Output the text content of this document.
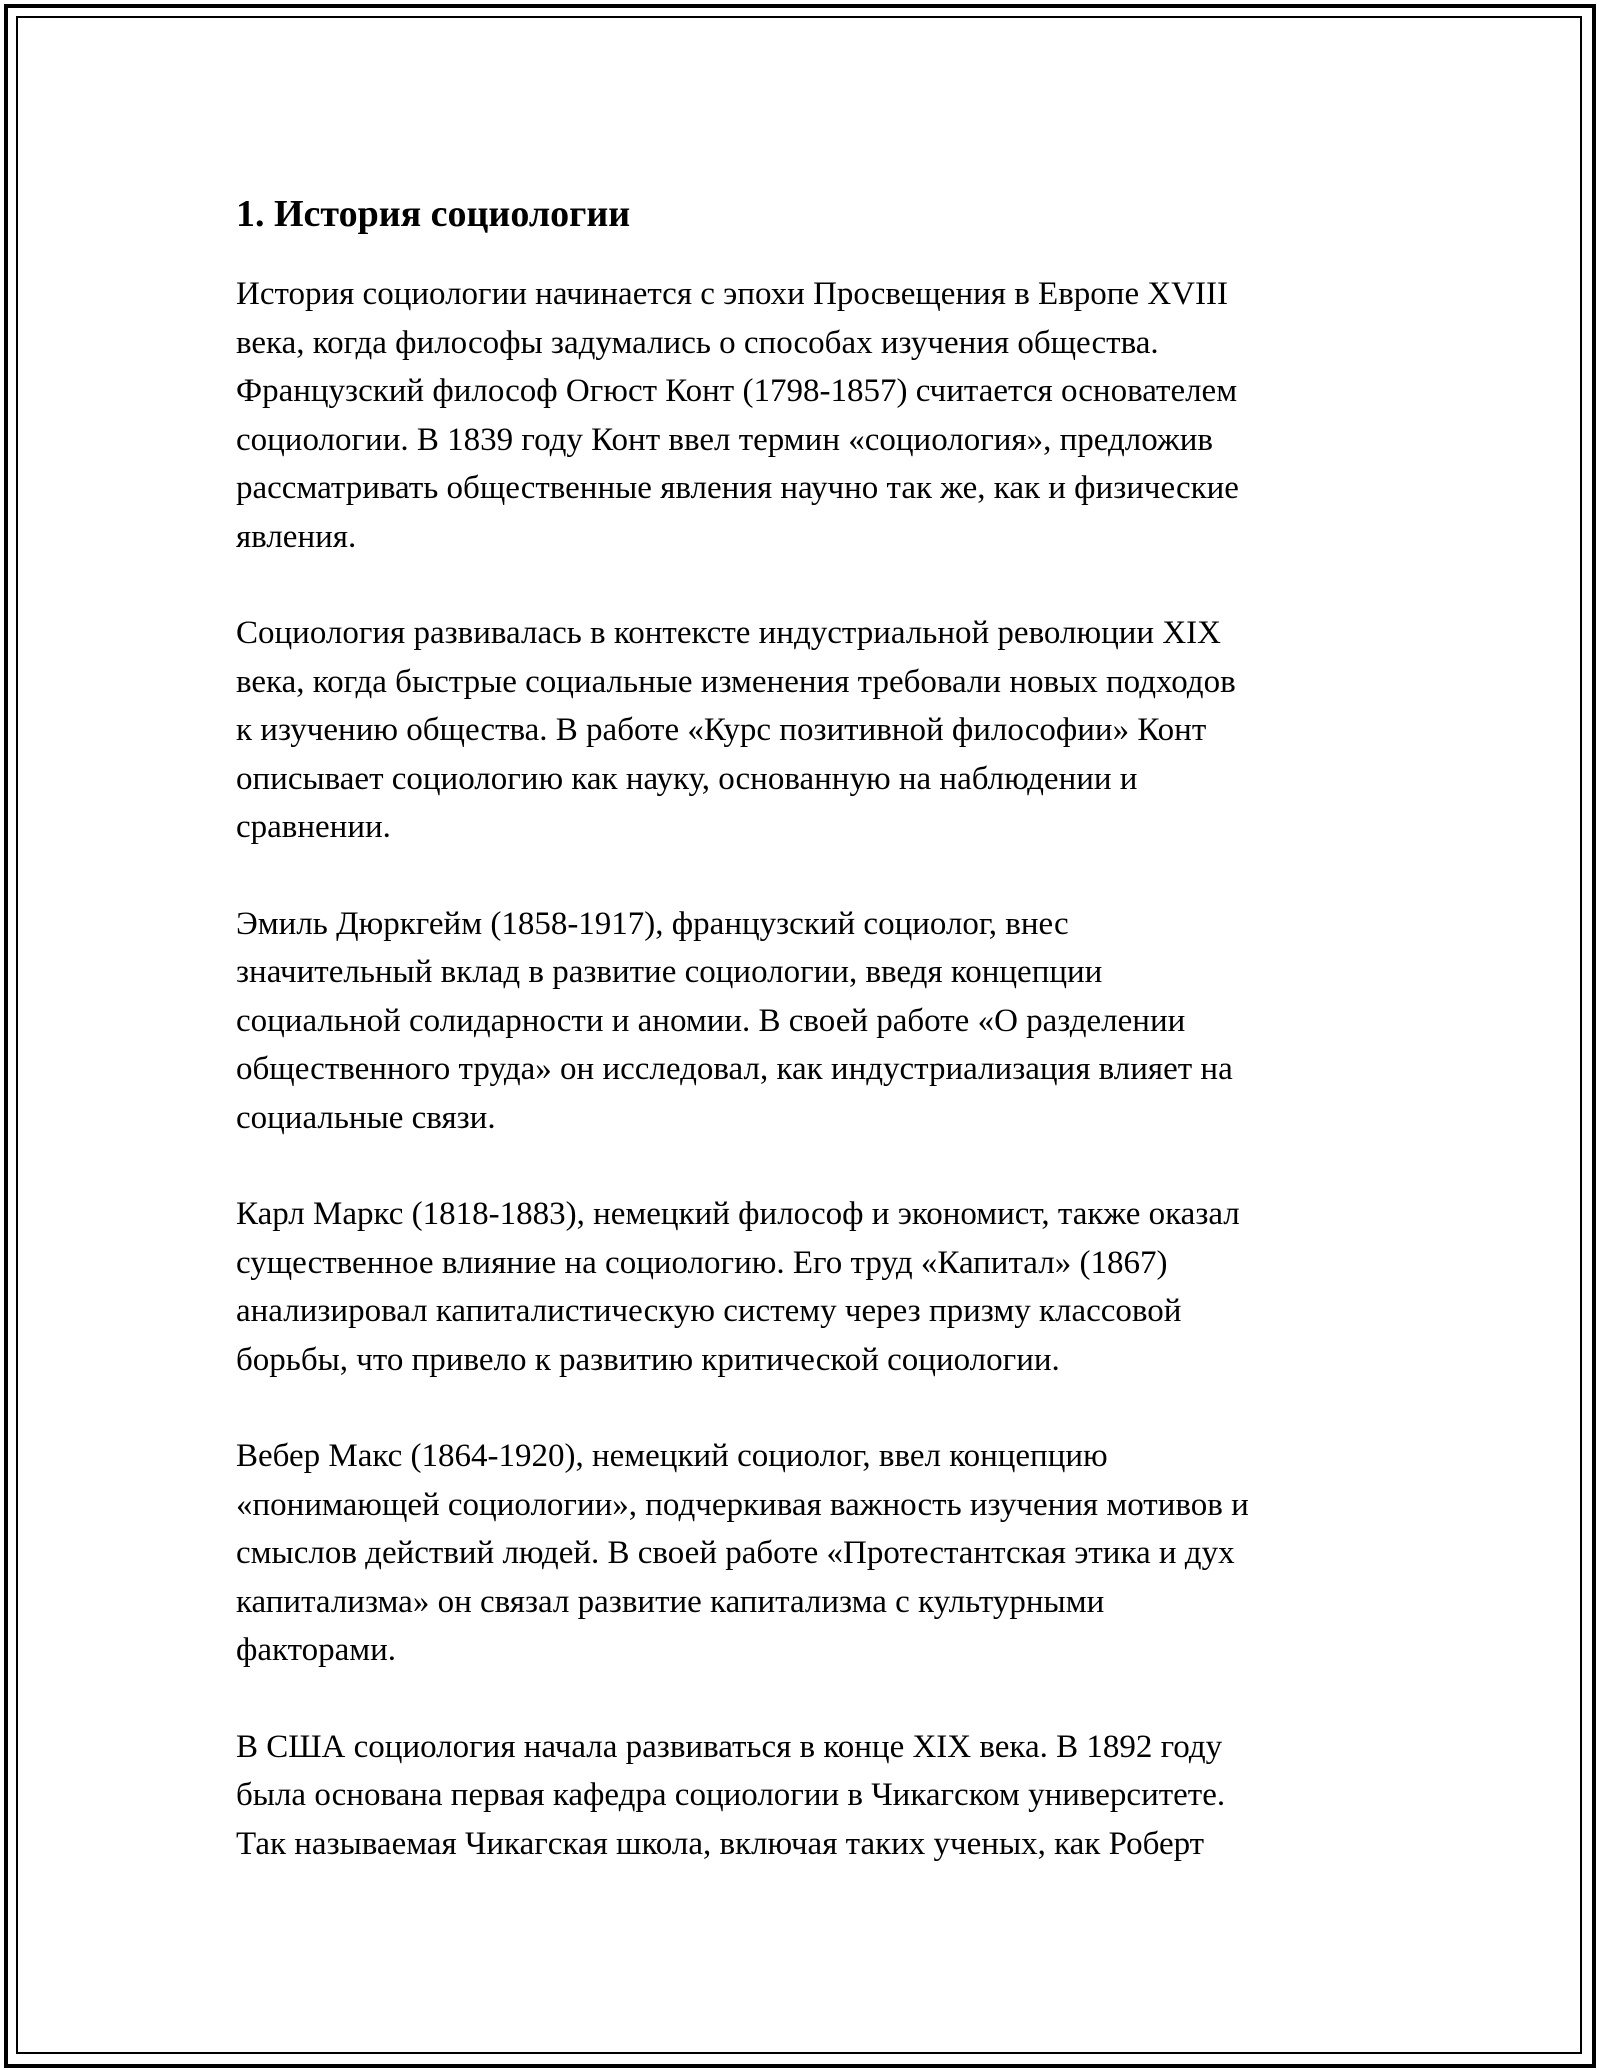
1. История социологии
История социологии начинается с эпохи Просвещения в Европе XVIII
века, когда философы задумались о способах изучения общества.
Французский философ Огюст Конт (1798-1857) считается основателем
социологии. В 1839 году Конт ввел термин «социология», предложив
рассматривать общественные явления научно так же, как и физические
явления.
Социология развивалась в контексте индустриальной революции XIX
века, когда быстрые социальные изменения требовали новых подходов
к изучению общества. В работе «Курс позитивной философии» Конт
описывает социологию как науку, основанную на наблюдении и
сравнении.
Эмиль Дюркгейм (1858-1917), французский социолог, внес
значительный вклад в развитие социологии, введя концепции
социальной солидарности и аномии. В своей работе «О разделении
общественного труда» он исследовал, как индустриализация влияет на
социальные связи.
Карл Маркс (1818-1883), немецкий философ и экономист, также оказал
существенное влияние на социологию. Его труд «Капитал» (1867)
анализировал капиталистическую систему через призму классовой
борьбы, что привело к развитию критической социологии.
Вебер Макс (1864-1920), немецкий социолог, ввел концепцию
«понимающей социологии», подчеркивая важность изучения мотивов и
смыслов действий людей. В своей работе «Протестантская этика и дух
капитализма» он связал развитие капитализма с культурными
факторами.
В США социология начала развиваться в конце XIX века. В 1892 году
была основана первая кафедра социологии в Чикагском университете.
Так называемая Чикагская школа, включая таких ученых, как Роберт
